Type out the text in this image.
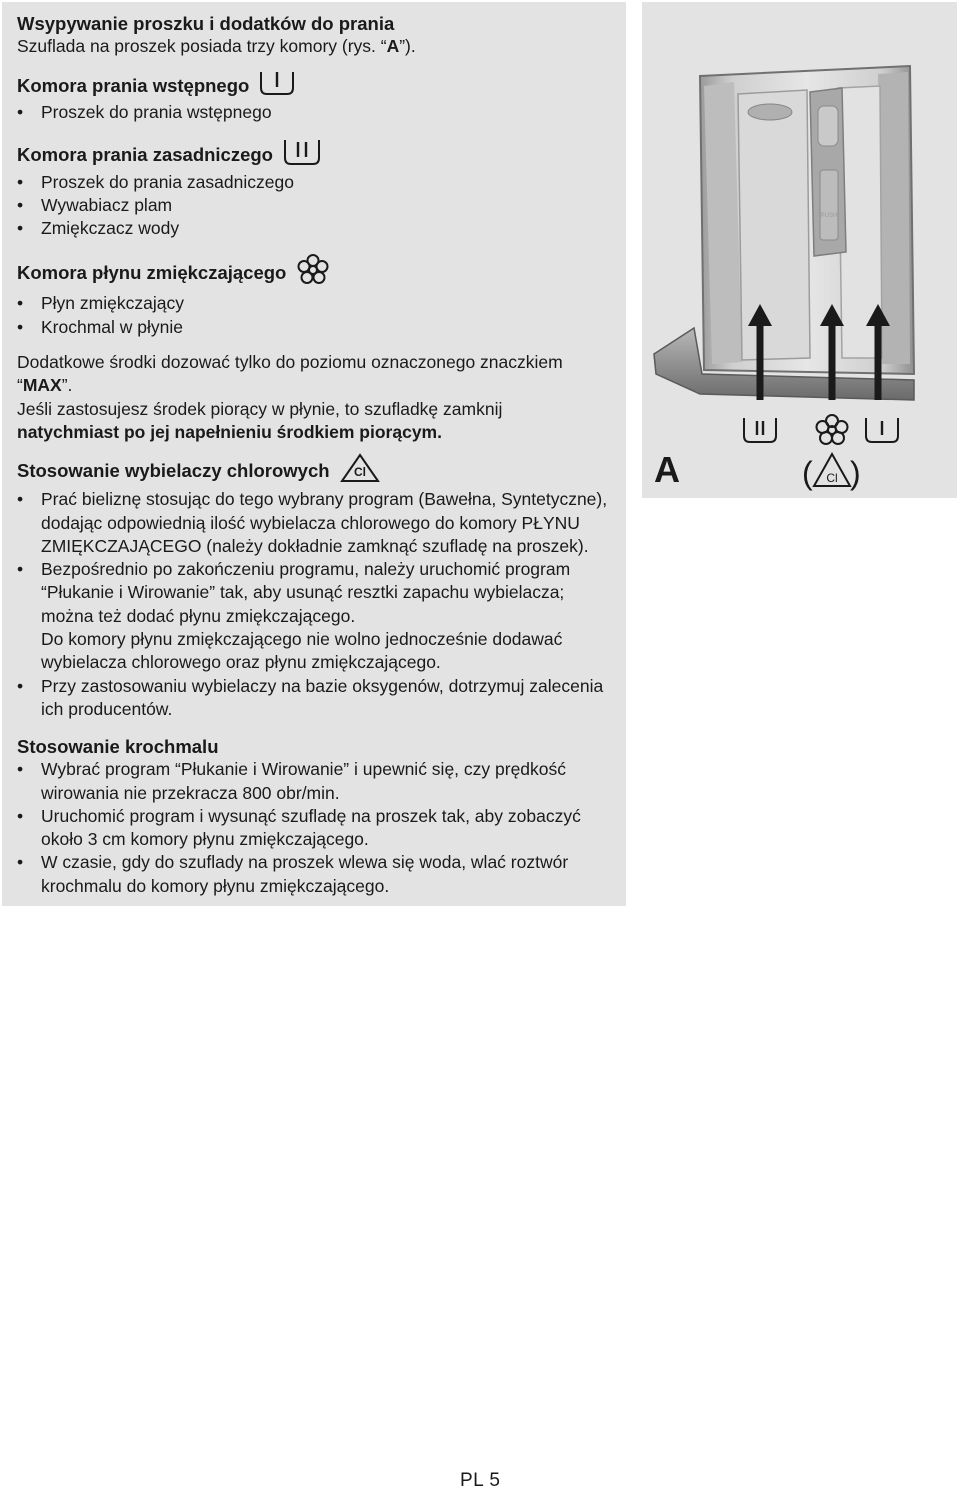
Wsypywanie proszku i dodatków do prania

Szuflada na proszek posiada trzy komory (rys. “A”).

Komora prania wstępnego
• Proszek do prania wstępnego
Komora prania zasadniczego
• Proszek do prania zasadniczego
• Wywabiacz plam
• Zmiękczacz wody
Komora płynu zmiękczającego
• Płyn zmiękczający
• Krochmal w płynie

Dodatkowe środki dozować tylko do poziomu oznaczonego znaczkiem “MAX”.

Jeśli zastosujesz środek piorący w płynie, to szufladkę zamknij

natychmiast po jej napełnieniu środkiem piorącym.

Stosowanie wybielaczy chlorowych Cl
• Prać bieliznę stosując do tego wybrany program (Bawełna, Syntetyczne), dodając odpowiednią ilość wybielacza chlorowego do komory PŁYNU ZMIĘKCZAJĄCEGO (należy dokładnie zamknąć szufladę na proszek).
• Bezpośrednio po zakończeniu programu, należy uruchomić program “Płukanie i Wirowanie” tak, aby usunąć resztki zapachu wybielacza; można też dodać płynu zmiękczającego.
Do komory płynu zmiękczającego nie wolno jednocześnie dodawać wybielacza chlorowego oraz płynu zmiękczającego.
• Przy zastosowaniu wybielaczy na bazie oksygenów, dotrzymuj zalecenia ich producentów.
Stosowanie krochmalu
• Wybrać program “Płukanie i Wirowanie” i upewnić się, czy prędkość wirowania nie przekracza 800 obr/min.
• Uruchomić program i wysunąć szufladę na proszek tak, aby zobaczyć około 3 cm komory płynu zmiękczającego.
• W czasie, gdy do szuflady na proszek wlewa się woda, wlać roztwór krochmalu do komory płynu zmiękczającego.
PUSH
A	( Cl )
PL 5
